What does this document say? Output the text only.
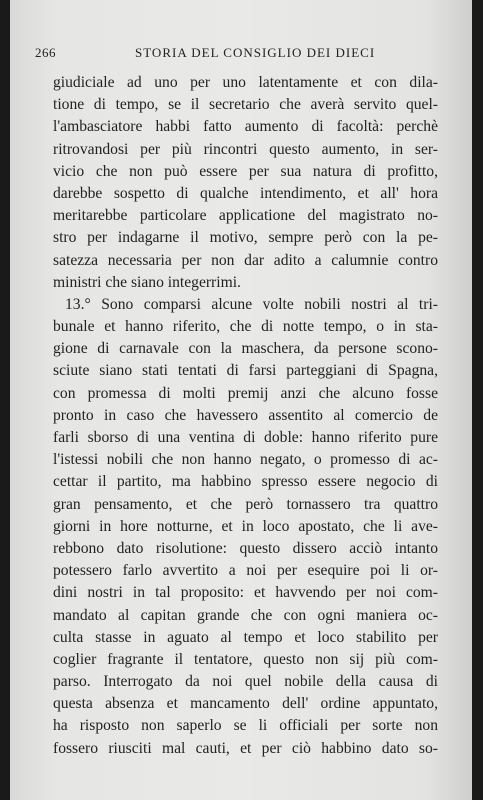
266	STORIA DEL CONSIGLIO DEI DIECI
giudiciale ad uno per uno latentamente et con dila-
tione di tempo, se il secretario che averà servito quel-
l'ambasciatore habbi fatto aumento di facoltà: perchè
ritrovandosi per più rincontri questo aumento, in ser-
vicio che non può essere per sua natura di profitto,
darebbe sospetto di qualche intendimento, et all' hora
meritarebbe particolare applicatione del magistrato no-
stro per indagarne il motivo, sempre però con la pe-
satezza necessaria per non dar adito a calumnie contro
ministri che siano integerrimi.
13.° Sono comparsi alcune volte nobili nostri al tri-
bunale et hanno riferito, che di notte tempo, o in sta-
gione di carnavale con la maschera, da persone scono-
sciute siano stati tentati di farsi parteggiani di Spagna,
con promessa di molti premij anzi che alcuno fosse
pronto in caso che havessero assentito al comercio de
farli sborso di una ventina di doble: hanno riferito pure
l'istessi nobili che non hanno negato, o promesso di ac-
cettar il partito, ma habbino spresso essere negocio di
gran pensamento, et che però tornassero tra quattro
giorni in hore notturne, et in loco apostato, che li ave-
rebbono dato risolutione: questo dissero acciò intanto
potessero farlo avvertito a noi per esequire poi li or-
dini nostri in tal proposito: et havvendo per noi com-
mandato al capitan grande che con ogni maniera oc-
culta stasse in aguato al tempo et loco stabilito per
coglier fragrante il tentatore, questo non sij più com-
parso. Interrogato da noi quel nobile della causa di
questa absenza et mancamento dell' ordine appuntato,
ha risposto non saperlo se li officiali per sorte non
fossero riusciti mal cauti, et per ciò habbino dato so-
